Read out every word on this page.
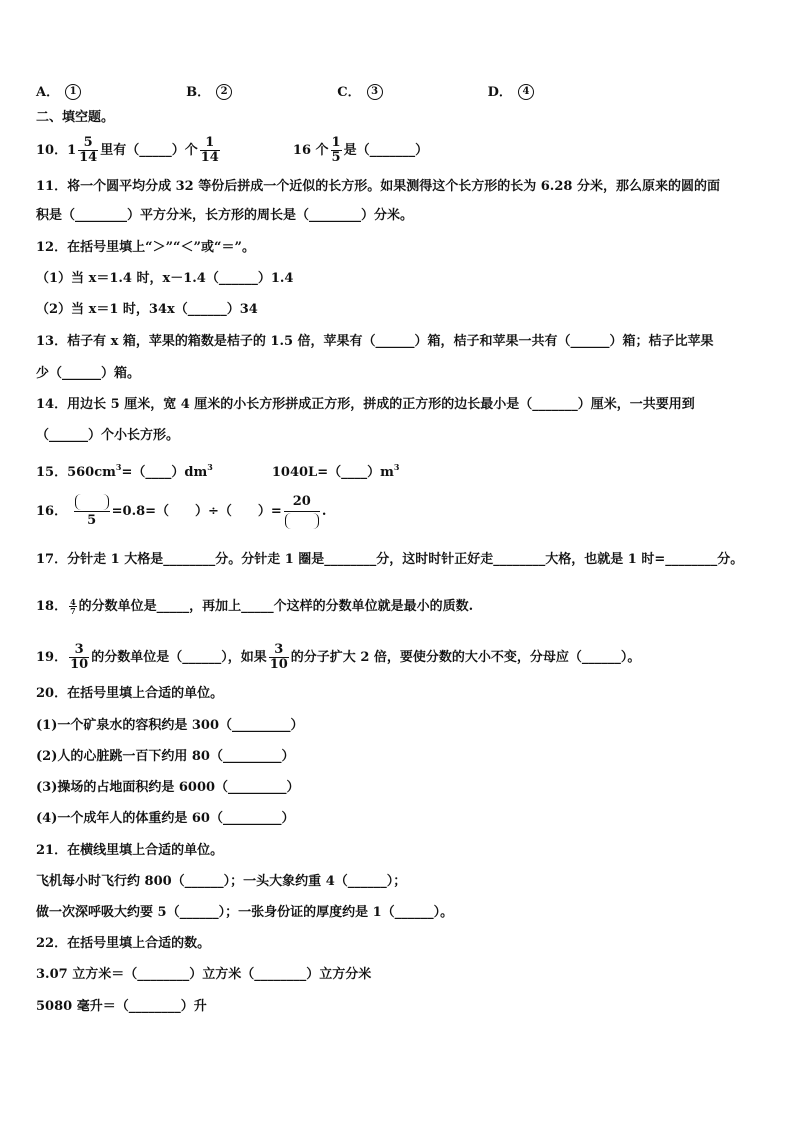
A． 1	B． 2	C． 3	D． 4
二、填空题。
10．$1 \frac{5}{14}$ 里有（_____）个 $\frac{1}{14}$	16 个 $\frac{1}{5}$ 是（_______）
11．将一个圆平均分成 32 等份后拼成一个近似的长方形。如果测得这个长方形的长为 6.28 分米，那么原来的圆的面
积是（________）平方分米，长方形的周长是（________）分米。
12．在括号里填上“＞”“＜”或“＝”。
（1）当 x＝1.4 时，x－1.4（______）1.4
（2）当 x＝1 时，34x（______）34
13．桔子有 x 箱，苹果的箱数是桔子的 1.5 倍，苹果有（______）箱，桔子和苹果一共有（______）箱；桔子比苹果
少（______）箱。
14．用边长 5 厘米，宽 4 厘米的小长方形拼成正方形，拼成的正方形的边长最小是（_______）厘米，一共要用到
（______）个小长方形。
15．$560cm^3=(\_\_\_\_)dm^3$	$1040L=(\_\_\_\_)m^3$
16．
5
=0.8=（　　）÷（　　）=
20
.
17．分针走 1 大格是________分。分针走 1 圈是________分，这时时针正好走________大格，也就是 1 时=________分。
18． $\frac{4}{7}$ 的分数单位是_____，再加上_____个这样的分数单位就是最小的质数.
19． $\frac{3}{10}$ 的分数单位是（______），如果 $\frac{3}{10}$ 的分子扩大 2 倍，要使分数的大小不变，分母应（______）。
20．在括号里填上合适的单位。
(1)一个矿泉水的容积约是 300（_________）
(2)人的心脏跳一百下约用 80（_________）
(3)操场的占地面积约是 6000（_________）
(4)一个成年人的体重约是 60（_________）
21．在横线里填上合适的单位。
飞机每小时飞行约 800（______）；一头大象约重 4（______）；
做一次深呼吸大约要 5（______）；一张身份证的厚度约是 1（______）。
22．在括号里填上合适的数。
3.07 立方米＝（________）立方米（________）立方分米
5080 毫升＝（________）升
